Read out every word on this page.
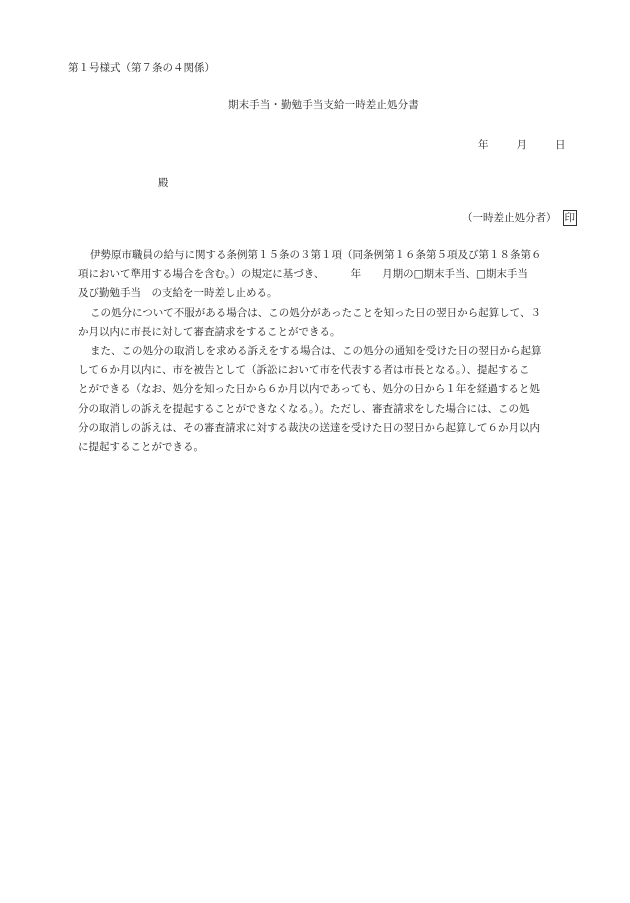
第１号様式（第７条の４関係）
期末手当・勤勉手当支給一時差止処分書
年	月	日
殿
（一時差止処分者） 印
伊勢原市職員の給与に関する条例第１５条の３第１項（同条例第１６条第５項及び第１８条第６
項において準用する場合を含む。）の規定に基づき、　　　年　　月期の□期末手当、□期末手当
及び勤勉手当　の支給を一時差し止める。
この処分について不服がある場合は、この処分があったことを知った日の翌日から起算して、３
か月以内に市長に対して審査請求をすることができる。
また、この処分の取消しを求める訴えをする場合は、この処分の通知を受けた日の翌日から起算
して６か月以内に、市を被告として（訴訟において市を代表する者は市長となる。）、提起するこ
とができる（なお、処分を知った日から６か月以内であっても、処分の日から１年を経過すると処
分の取消しの訴えを提起することができなくなる。）。ただし、審査請求をした場合には、この処
分の取消しの訴えは、その審査請求に対する裁決の送達を受けた日の翌日から起算して６か月以内
に提起することができる。
